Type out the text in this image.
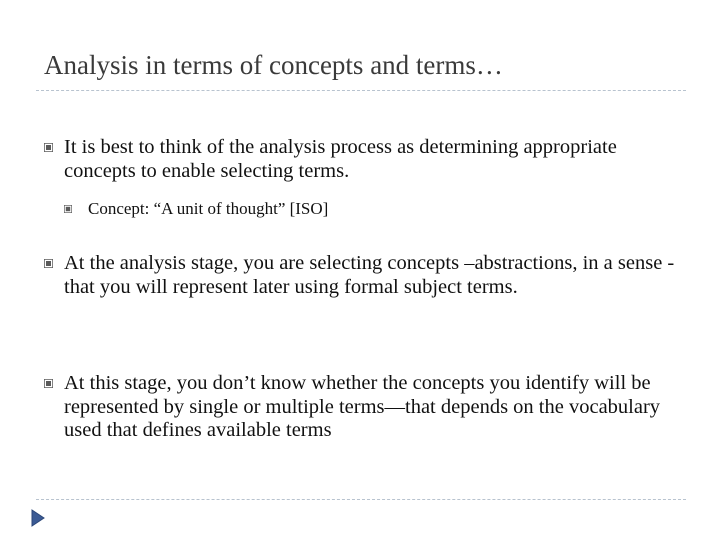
Analysis in terms of concepts and terms…
It is best to think of the analysis process as determining appropriate concepts to enable selecting terms.
Concept: “A unit of thought” [ISO]
At the analysis stage, you are selecting concepts –abstractions, in a sense - that you will represent later using formal subject terms.
At this stage, you don’t know whether the concepts you identify will be represented by single or multiple terms—that depends on the vocabulary used that defines available terms
